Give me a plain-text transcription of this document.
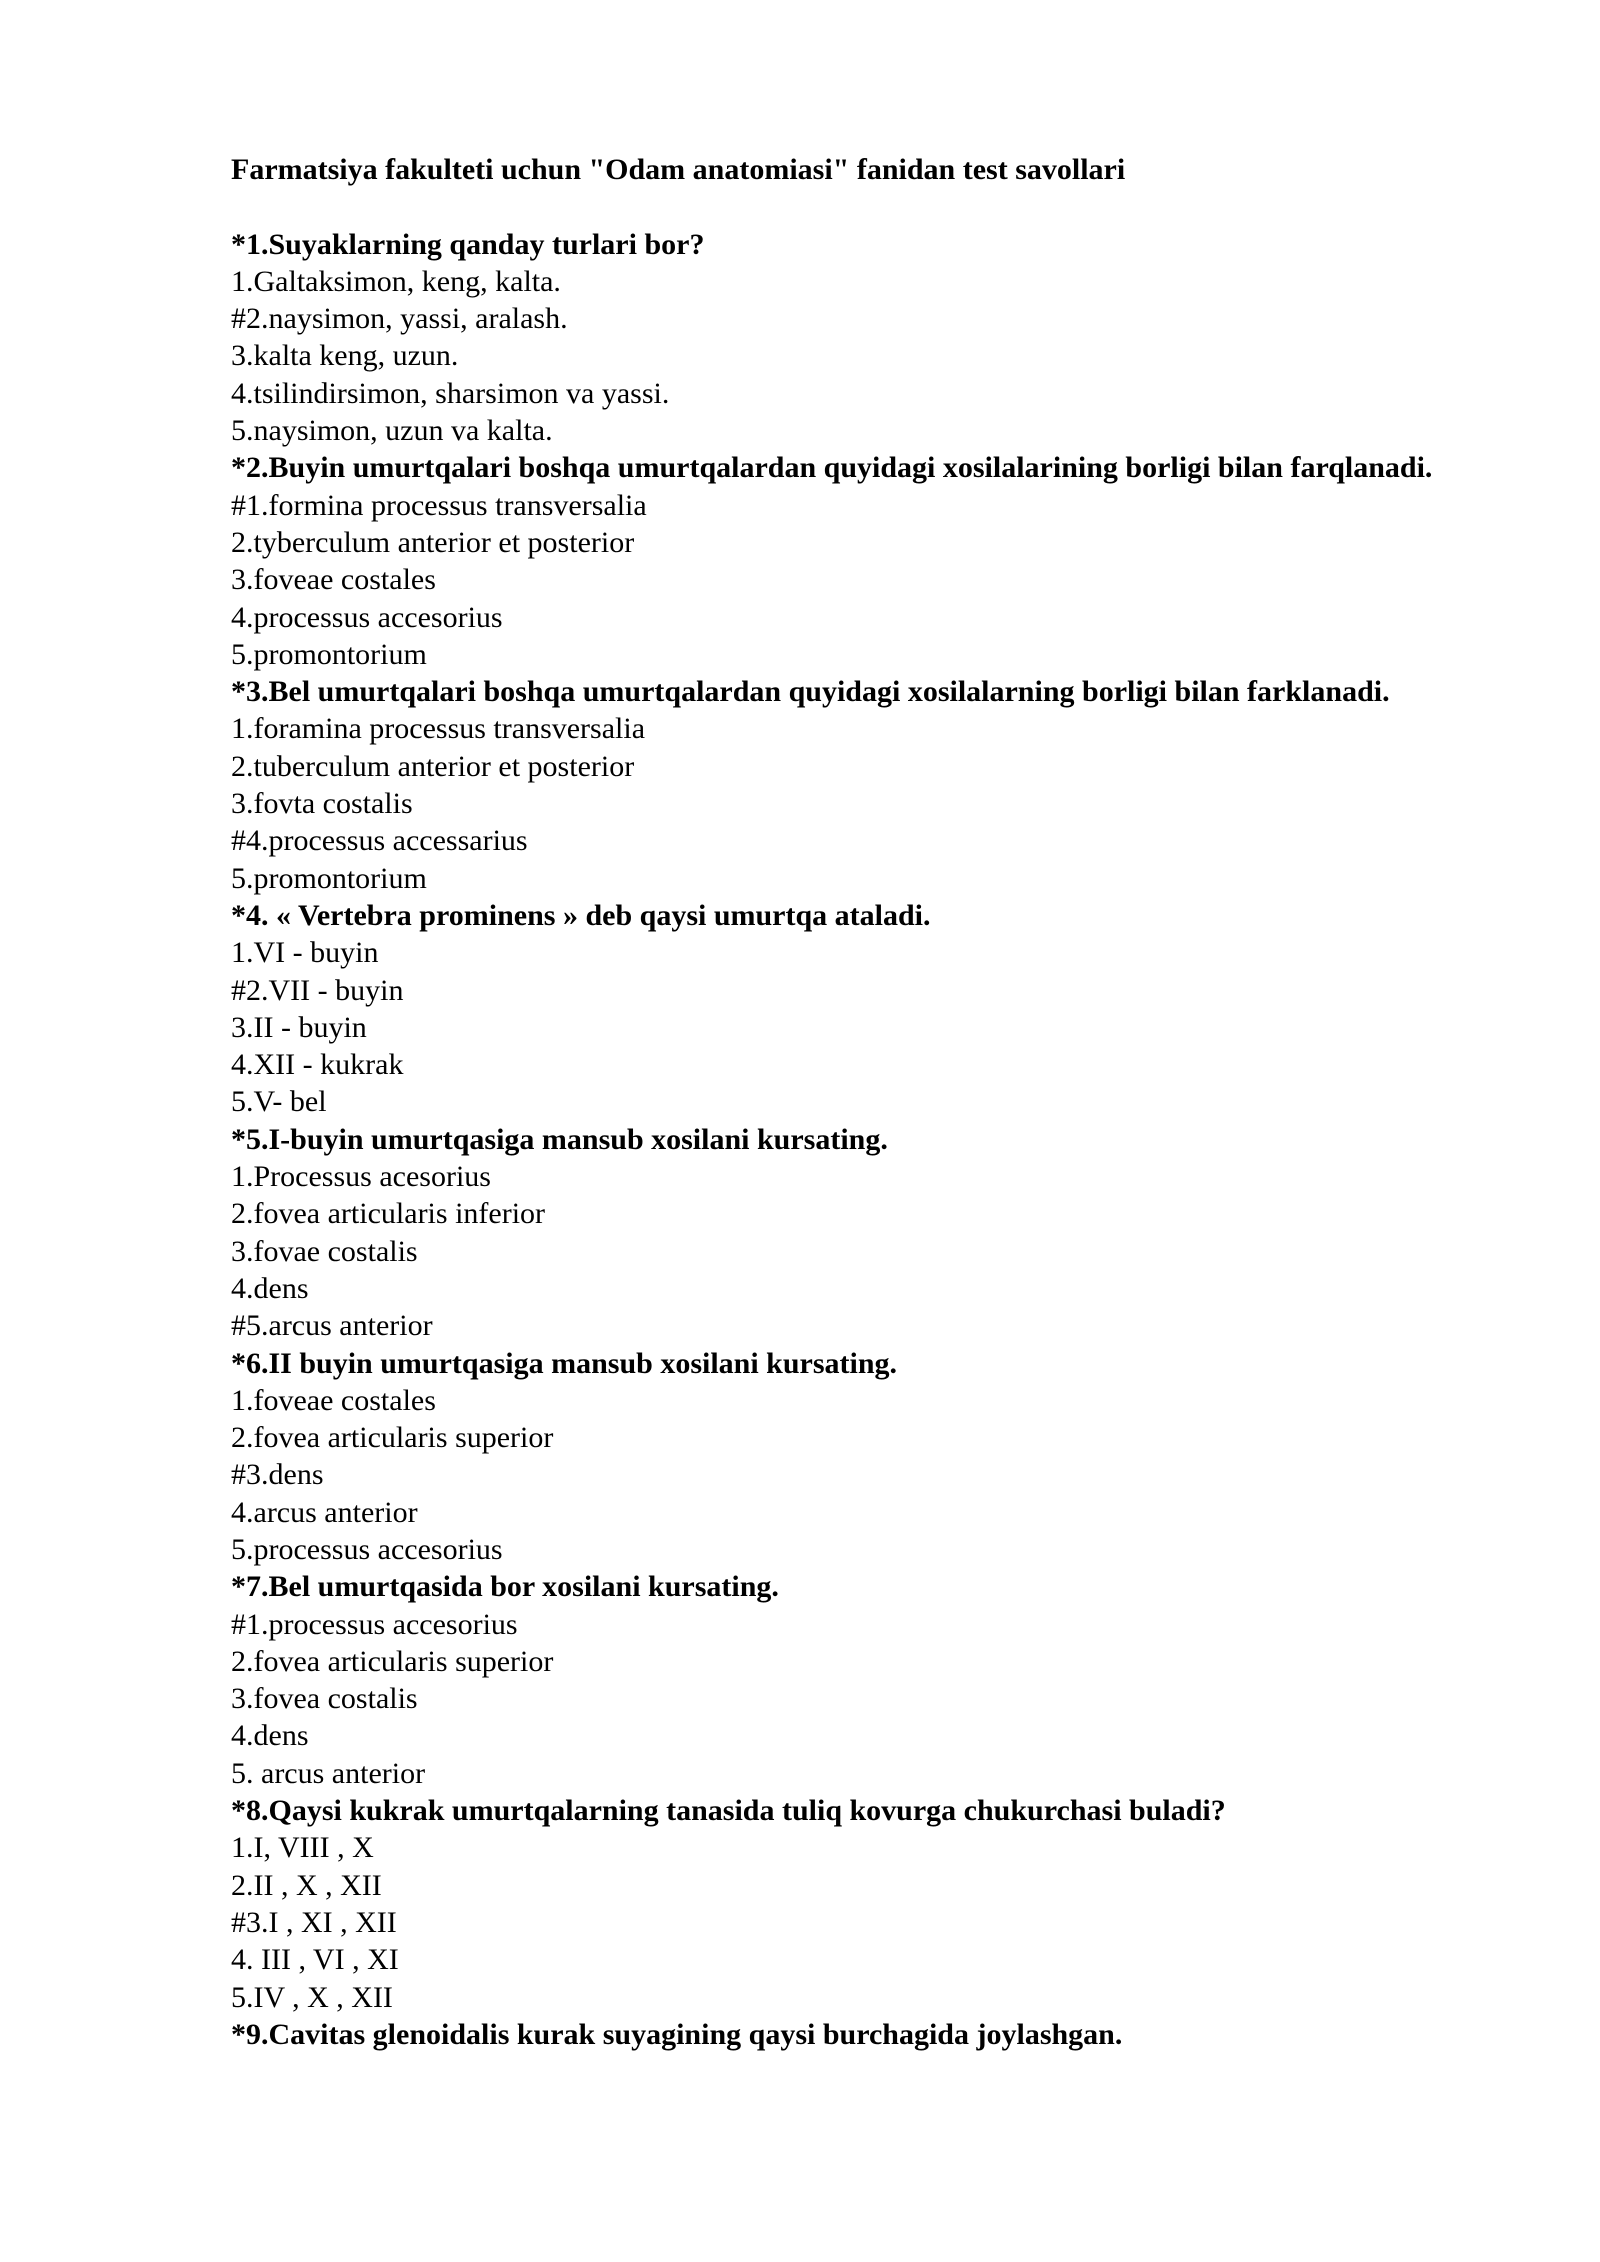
Farmatsiya fakulteti uchun "Odam anatomiasi" fanidan test savollari
*1.Suyaklarning qanday turlari bor?
1.Galtaksimon, keng, kalta.
#2.naysimon, yassi, aralash.
3.kalta keng, uzun.
4.tsilindirsimon, sharsimon va yassi.
5.naysimon, uzun va kalta.
*2.Buyin umurtqalari boshqa umurtqalardan quyidagi xosilalarining borligi bilan farqlanadi.
#1.formina processus transversalia
2.tyberculum anterior et posterior
3.foveae costales
4.processus accesorius
5.promontorium
*3.Bel umurtqalari boshqa umurtqalardan quyidagi xosilalarning borligi bilan farklanadi.
1.foramina processus transversalia
2.tuberculum anterior et posterior
3.fovta costalis
#4.processus accessarius
5.promontorium
*4. « Vertebra prominens » deb qaysi umurtqa ataladi.
1.VI - buyin
#2.VII - buyin
3.II - buyin
4.XII - kukrak
5.V- bel
*5.I-buyin umurtqasiga mansub xosilani kursating.
1.Processus acesorius
2.fovea articularis inferior
3.fovae costalis
4.dens
#5.arcus anterior
*6.II buyin umurtqasiga mansub xosilani kursating.
1.foveae costales
2.fovea articularis superior
#3.dens
4.arcus anterior
5.processus accesorius
*7.Bel umurtqasida bor xosilani kursating.
#1.processus accesorius
2.fovea articularis superior
3.fovea costalis
4.dens
5. arcus anterior
*8.Qaysi kukrak umurtqalarning tanasida tuliq kovurga chukurchasi buladi?
1.I, VIII , X
2.II , X , XII
#3.I , XI , XII
4. III , VI , XI
5.IV , X , XII
*9.Cavitas glenoidalis kurak suyagining qaysi burchagida joylashgan.
